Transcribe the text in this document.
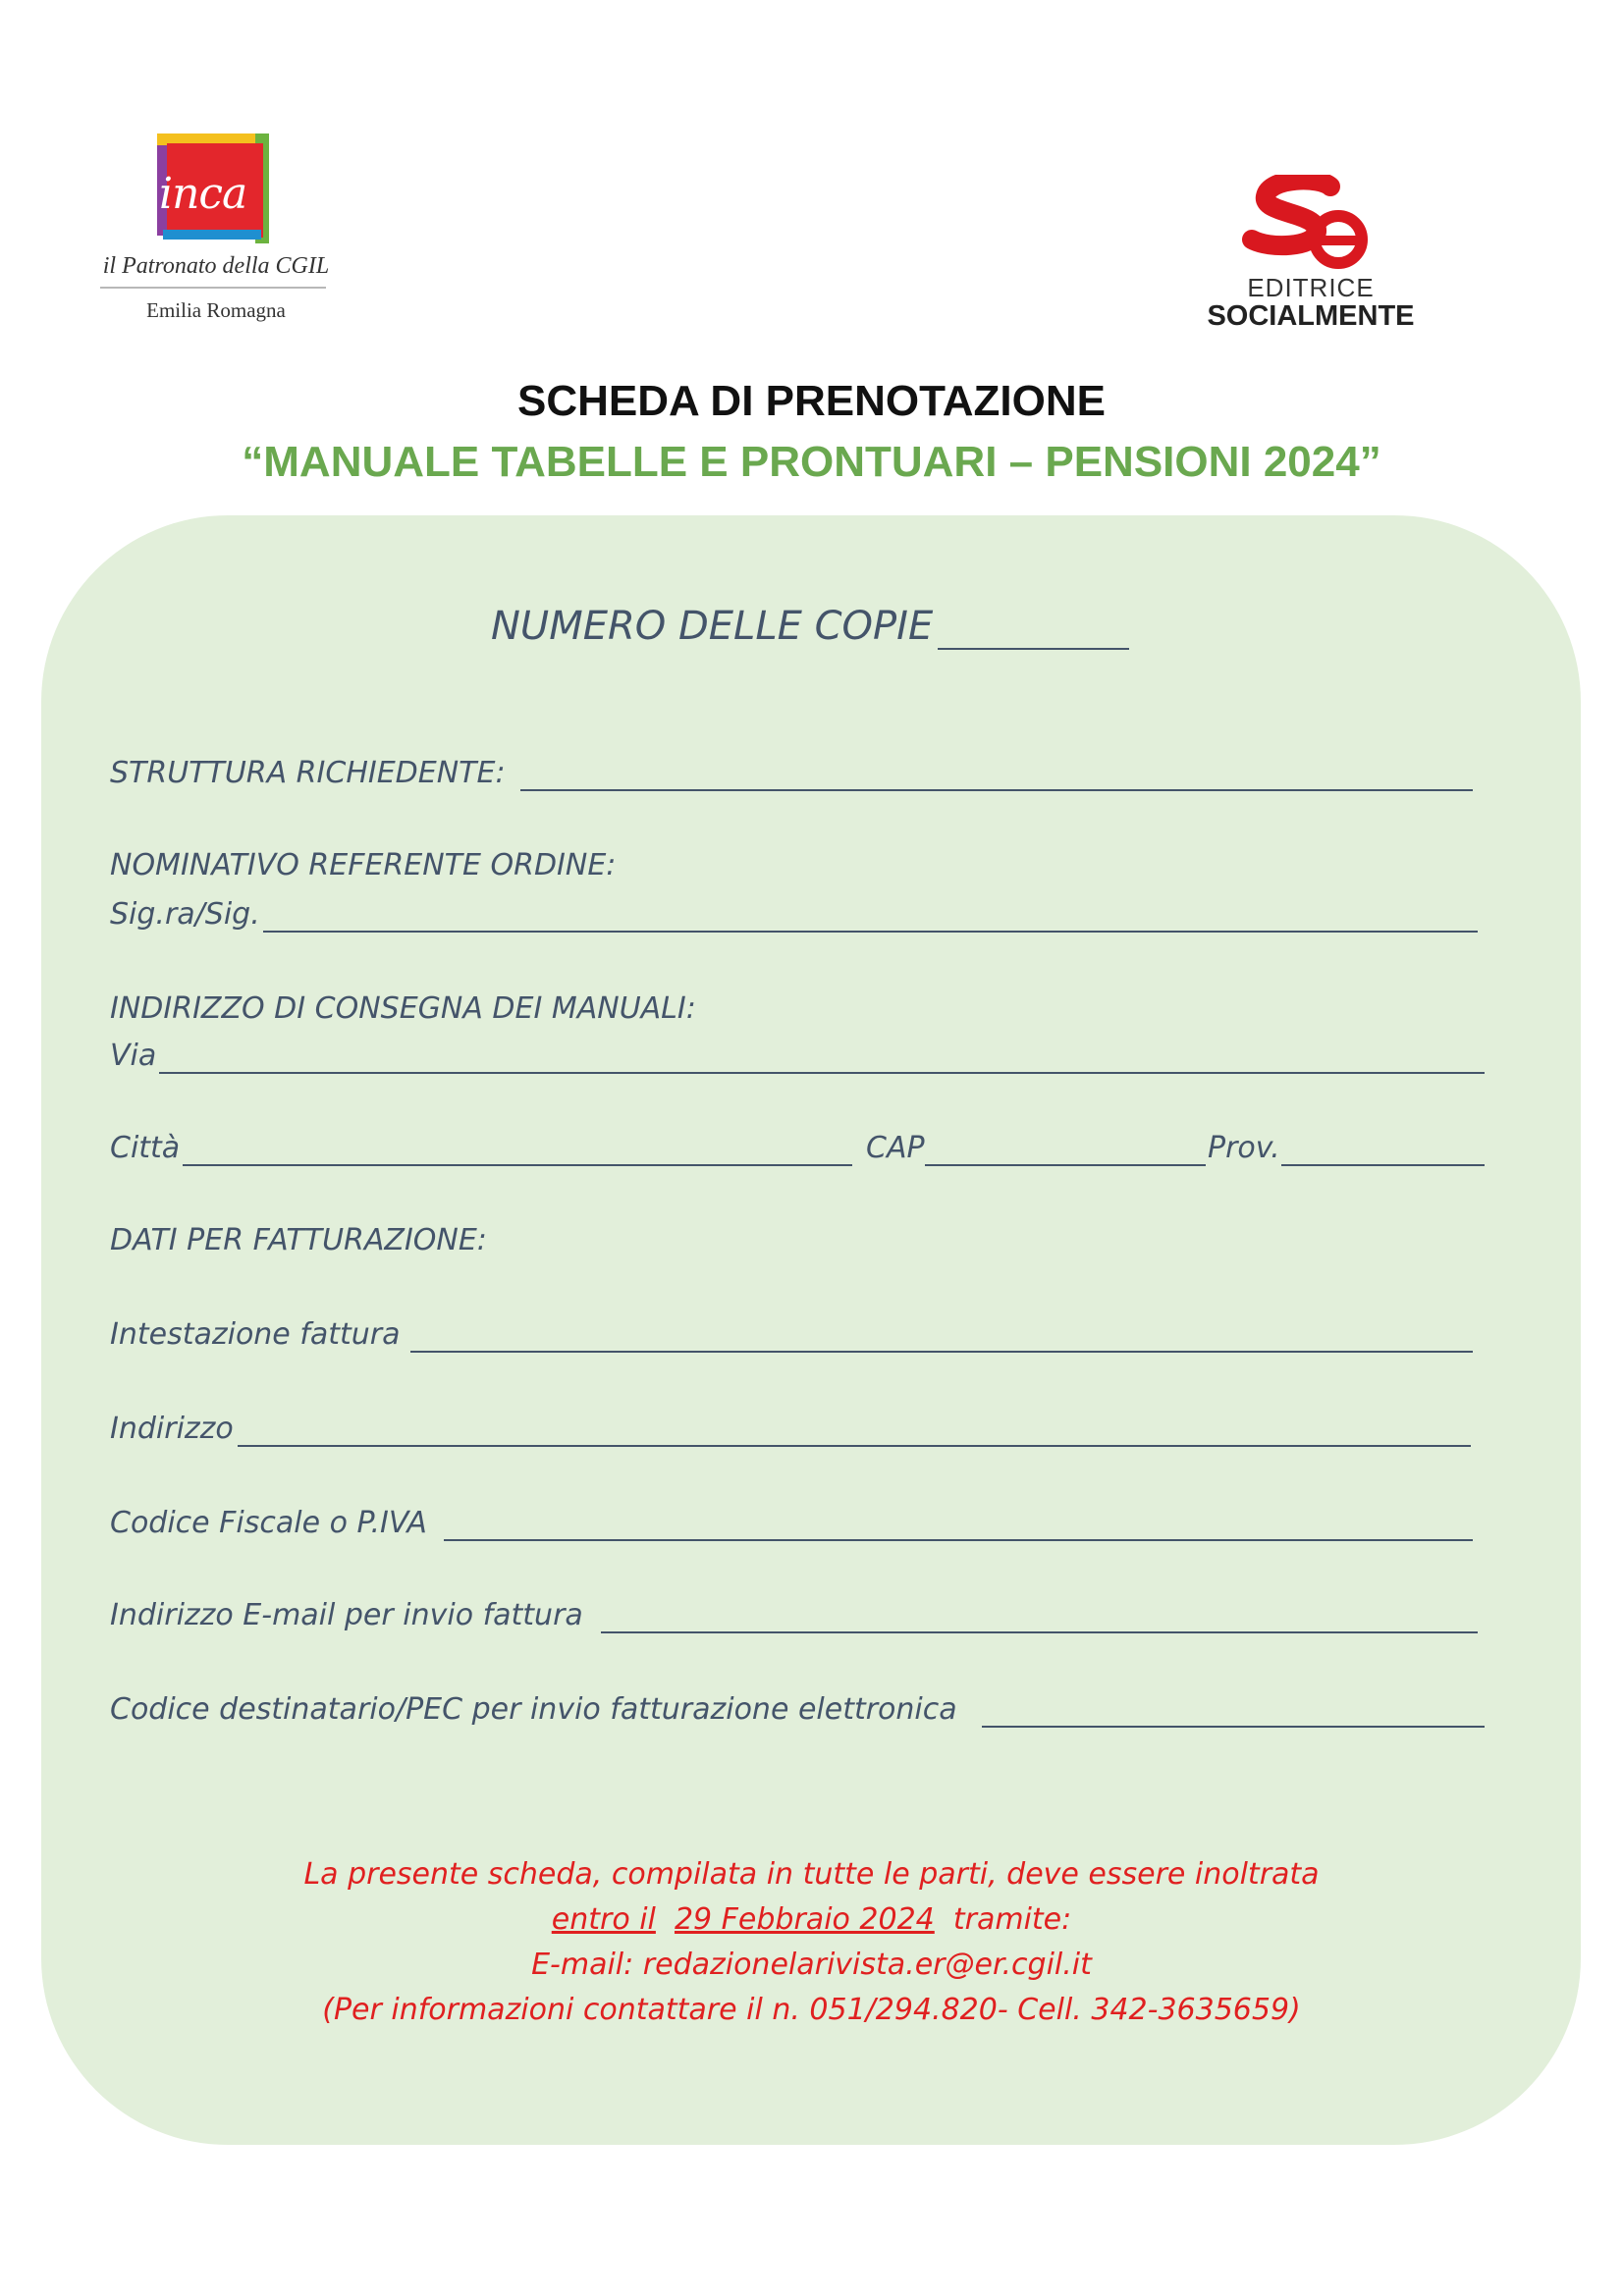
inca
il Patronato della CGIL
Emilia Romagna
EDITRICE
SOCIALMENTE
SCHEDA DI PRENOTAZIONE
“MANUALE TABELLE E PRONTUARI – PENSIONI 2024”
NUMERO DELLE COPIE
STRUTTURA RICHIEDENTE:
NOMINATIVO REFERENTE ORDINE:
Sig.ra/Sig.
INDIRIZZO DI CONSEGNA DEI MANUALI:
Via
Città	CAP	Prov.
DATI PER FATTURAZIONE:
Intestazione fattura
Indirizzo
Codice Fiscale o P.IVA
Indirizzo E-mail per invio fattura
Codice destinatario/PEC per invio fatturazione elettronica
La presente scheda, compilata in tutte le parti, deve essere inoltrata
entro il 29 Febbraio 2024 tramite:
E-mail: redazionelarivista.er@er.cgil.it
(Per informazioni contattare il n. 051/294.820- Cell. 342-3635659)
